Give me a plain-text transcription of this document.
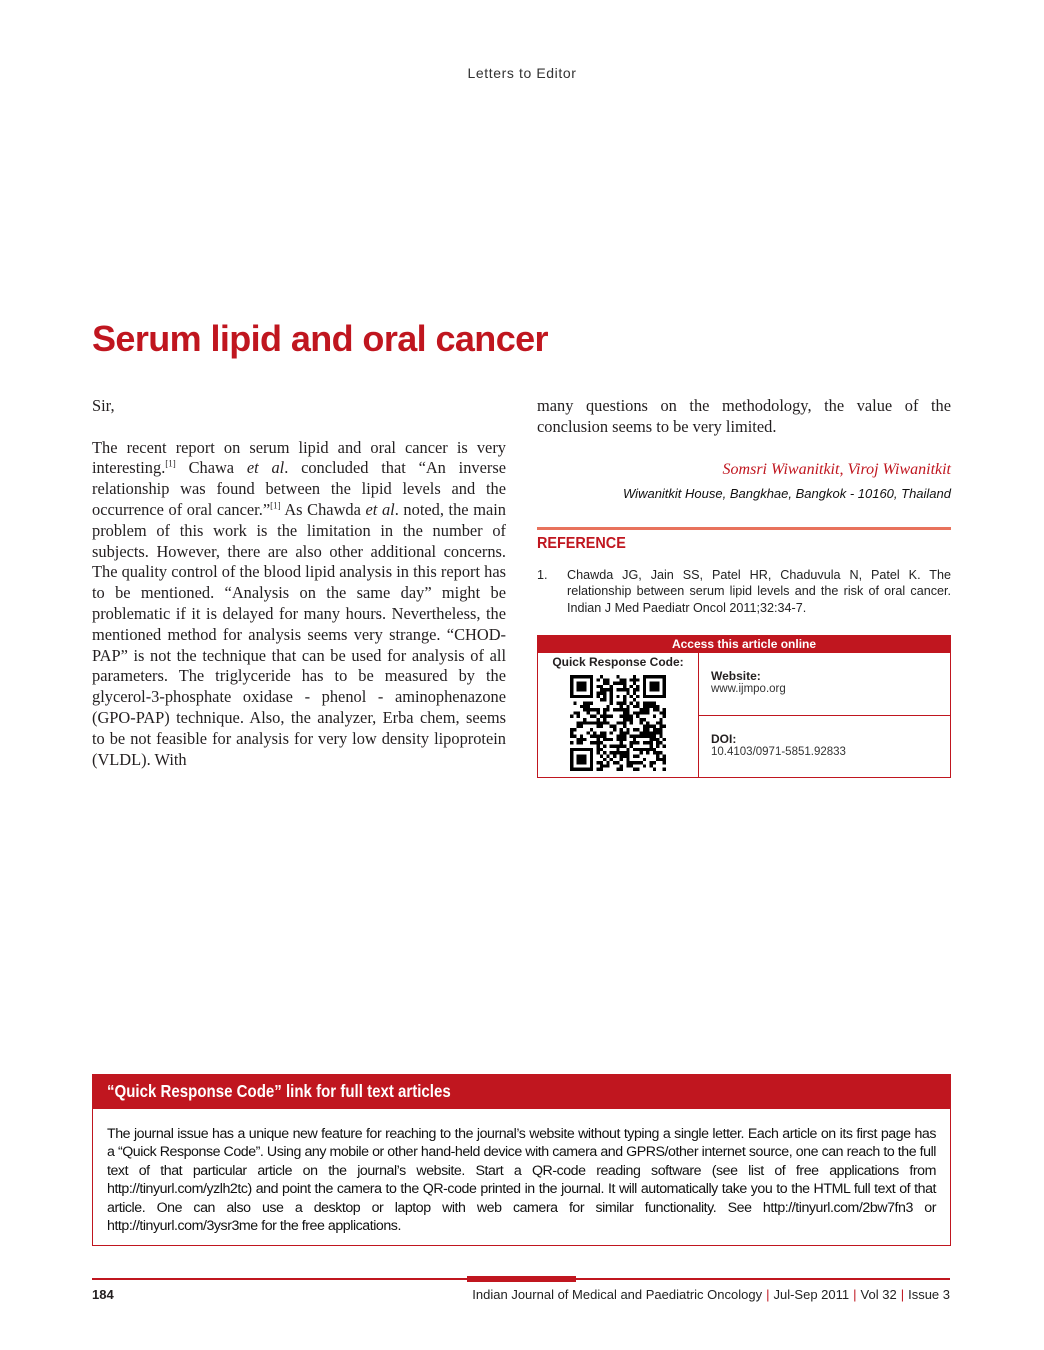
Letters to Editor
Serum lipid and oral cancer

Sir,

The recent report on serum lipid and oral cancer is very interesting.[1] Chawa et al. concluded that “An inverse relationship was found between the lipid levels and the occurrence of oral cancer.”[1] As Chawda et al. noted, the main problem of this work is the limitation in the number of subjects. However, there are also other additional concerns. The quality control of the blood lipid analysis in this report has to be mentioned. “Analysis on the same day” might be problematic if it is delayed for many hours. Nevertheless, the mentioned method for analysis seems very strange. “CHOD-PAP” is not the technique that can be used for analysis of all parameters. The triglyceride has to be measured by the glycerol-3-phosphate oxidase - phenol - aminophenazone (GPO-PAP) technique. Also, the analyzer, Erba chem, seems to be not feasible for analysis for very low density lipoprotein (VLDL). With

many questions on the methodology, the value of the conclusion seems to be very limited.

Somsri Wiwanitkit, Viroj Wiwanitkit
Wiwanitkit House, Bangkhae, Bangkok - 10160, Thailand
REFERENCE
1.	Chawda JG, Jain SS, Patel HR, Chaduvula N, Patel K. The relationship between serum lipid levels and the risk of oral cancer. Indian J Med Paediatr Oncol 2011;32:34-7.
Access this article online
Quick Response Code:
Website:
www.ijmpo.org
DOI:
10.4103/0971-5851.92833
“Quick Response Code” link for full text articles
The journal issue has a unique new feature for reaching to the journal’s website without typing a single letter. Each article on its first page has a “Quick Response Code”. Using any mobile or other hand-held device with camera and GPRS/other internet source, one can reach to the full text of that particular article on the journal’s website. Start a QR-code reading software (see list of free applications from http://tinyurl.com/yzlh2tc) and point the camera to the QR-code printed in the journal. It will automatically take you to the HTML full text of that article. One can also use a desktop or laptop with web camera for similar functionality. See http://tinyurl.com/2bw7fn3 or http://tinyurl.com/3ysr3me for the free applications.
184	Indian Journal of Medical and Paediatric Oncology | Jul-Sep 2011 | Vol 32 | Issue 3
